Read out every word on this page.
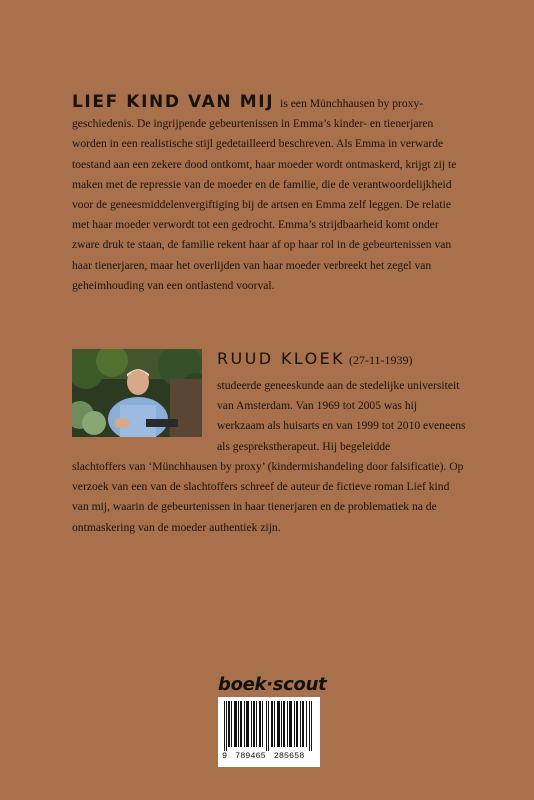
LIEF KIND VAN MIJ is een Münchhausen by proxy-geschiedenis. De ingrijpende gebeurtenissen in Emma’s kinder- en tienerjaren worden in een realistische stijl gedetailleerd beschreven. Als Emma in verwarde toestand aan een zekere dood ontkomt, haar moeder wordt ontmaskerd, krijgt zij te maken met de repressie van de moeder en de familie, die de verantwoordelijkheid voor de geneesmiddelenvergiftiging bij de artsen en Emma zelf leggen. De relatie met haar moeder verwordt tot een gedrocht. Emma’s strijdbaarheid komt onder zware druk te staan, de familie rekent haar af op haar rol in de gebeurtenissen van haar tienerjaren, maar het overlijden van haar moeder verbreekt het zegel van geheimhouding van een ontlastend voorval.
RUUD KLOEK (27-11-1939)
studeerde geneeskunde aan de stedelijke universiteit van Amsterdam. Van 1969 tot 2005 was hij werkzaam als huisarts en van 1999 tot 2010 eveneens als gesprekstherapeut. Hij begeleidde
slachtoffers van ‘Münchhausen by proxy’ (kindermishandeling door falsificatie). Op verzoek van een van de slachtoffers schreef de auteur de fictieve roman Lief kind van mij, waarin de gebeurtenissen in haar tienerjaren en de problematiek na de ontmaskering van de moeder authentiek zijn.
boek·scout
9 789465 285658
